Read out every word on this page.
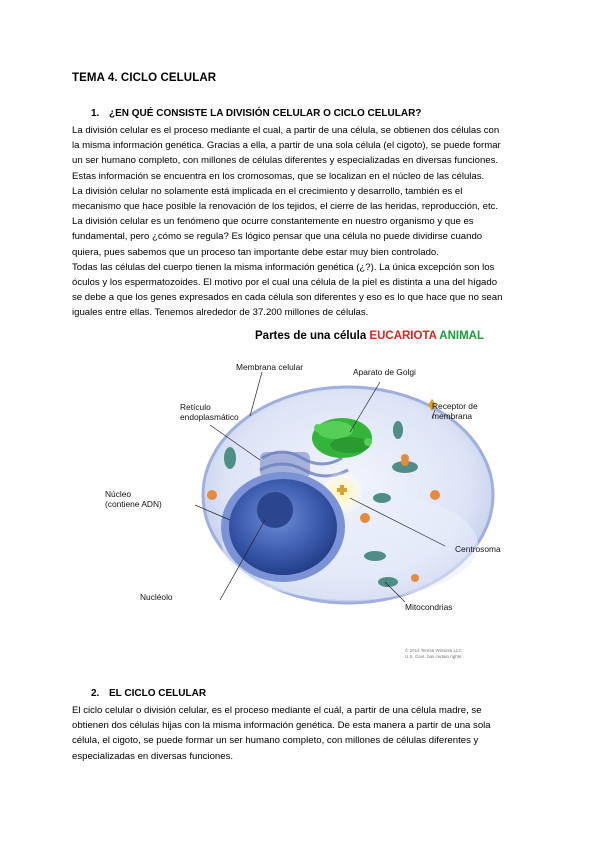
TEMA 4. CICLO CELULAR
1. ¿EN QUÉ CONSISTE LA DIVISIÓN CELULAR O CICLO CELULAR?
La división celular es el proceso mediante el cual, a partir de una célula, se obtienen dos células con
la misma información genética. Gracias a ella, a partir de una sola célula (el cigoto), se puede formar
un ser humano completo, con millones de células diferentes y especializadas en diversas funciones.
Estas información se encuentra en los cromosomas, que se localizan en el núcleo de las células.
La división celular no solamente está implicada en el crecimiento y desarrollo, también es el
mecanismo que hace posible la renovación de los tejidos, el cierre de las heridas, reproducción, etc.
La división celular es un fenómeno que ocurre constantemente en nuestro organismo y que es
fundamental, pero ¿cómo se regula? Es lógico pensar que una célula no puede dividirse cuando
quiera, pues sabemos que un proceso tan importante debe estar muy bien controlado.
Todas las células del cuerpo tienen la misma información genética (¿?). La única excepción son los
óculos y los espermatozoides. El motivo por el cual una célula de la piel es distinta a una del hígado
se debe a que los genes expresados en cada célula son diferentes y eso es lo que hace que no sean
iguales entre ellas. Tenemos alrededor de 37.200 millones de células.
Partes de una célula EUCARIOTA ANIMAL
Membrana celular	Aparato de Golgi
Retículo
endoplasmático
Receptor de
membrana
Núcleo
(contiene ADN)
Centrosoma
Nucléolo
Mitocondrias
© 2014 Terese Winslow LLC
U.S. Govt. has certain rights
2. EL CICLO CELULAR
El ciclo celular o división celular, es el proceso mediante el cuál, a partir de una célula madre, se
obtienen dos células hijas con la misma información genética. De esta manera a partir de una sola
célula, el cigoto, se puede formar un ser humano completo, con millones de células diferentes y
especializadas en diversas funciones.
